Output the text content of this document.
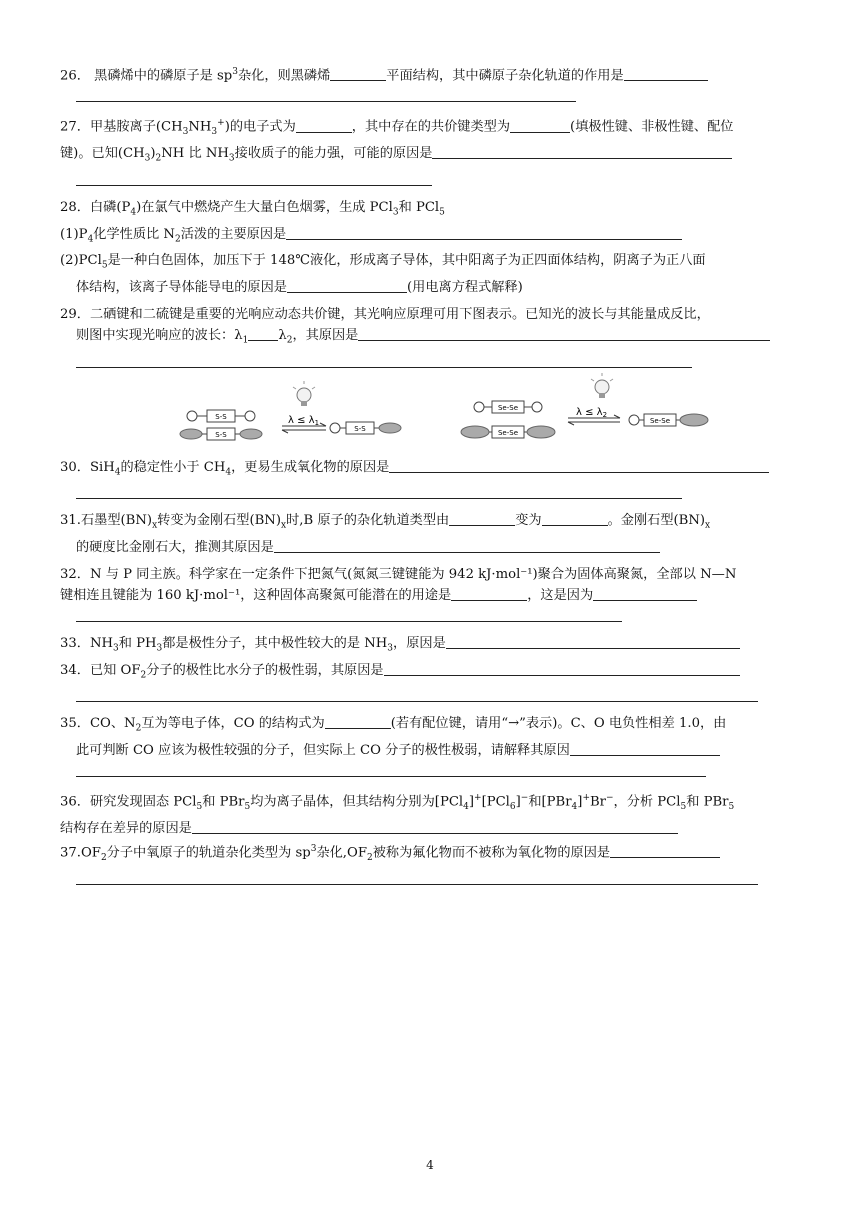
26． 黑磷烯中的磷原子是 $sp^3$杂化，则黑磷烯	平面结构，其中磷原子杂化轨道的作用是
27．甲基胺离子$(CH_3NH_3^+)$的电子式为	，其中存在的共价键类型为	(填极性键、非极性键、配位
键)。已知$(CH_3)_2NH$ 比 $NH_3$接收质子的能力强，可能的原因是
28．白磷$(P_4)$在氯气中燃烧产生大量白色烟雾，生成 PCl$_3$和 PCl$_5$
$(1)P_4$化学性质比 $N_2$活泼的主要原因是
(2)PCl$_5$是一种白色固体，加压下于 148℃液化，形成离子导体，其中阳离子为正四面体结构，阴离子为正八面
体结构，该离子导体能导电的原因是	(用电离方程式解释)
29．二硒键和二硫键是重要的光响应动态共价键，其光响应原理可用下图表示。已知光的波长与其能量成反比，
则图中实现光响应的波长：$\lambda_1$ $\lambda_2$，其原因是
S-S
S-S
$\lambda \le \lambda_1$
S-S
Se-Se
Se-Se
$\lambda \le \lambda_2$
Se-Se
30．SiH$_4$的稳定性小于 $CH_4$，更易生成氧化物的原因是
31.石墨型$(BN)_x$转变为金刚石型$(BN)_x$时,B 原子的杂化轨道类型由	变为	。金刚石型$(BN)_x$
的硬度比金刚石大，推测其原因是
32．N 与 P 同主族。科学家在一定条件下把氮气(氮氮三键键能为 942 kJ·mol⁻¹)聚合为固体高聚氮，全部以 N—N
键相连且键能为 160 kJ·mol⁻¹，这种固体高聚氮可能潜在的用途是	，这是因为
33．$NH_3$和 $PH_3$都是极性分子，其中极性较大的是 $NH_3$，原因是
34．已知 $OF_2$分子的极性比水分子的极性弱，其原因是
35．CO、$N_2$互为等电子体，CO 的结构式为	(若有配位键，请用“→”表示)。C、O 电负性相差 1.0，由
此可判断 CO 应该为极性较强的分子，但实际上 CO 分子的极性极弱，请解释其原因
36．研究发现固态 PCl$_5$和 PBr$_5$均为离子晶体，但其结构分别为[PCl$_4$]+[PCl$_6$]−和[PBr$_4$]+Br−，分析 PCl$_5$和 PBr$_5$
结构存在差异的原因是
$37.OF_2$分子中氧原子的轨道杂化类型为 $sp^3$杂化$,OF_2$被称为氟化物而不被称为氧化物的原因是
4
